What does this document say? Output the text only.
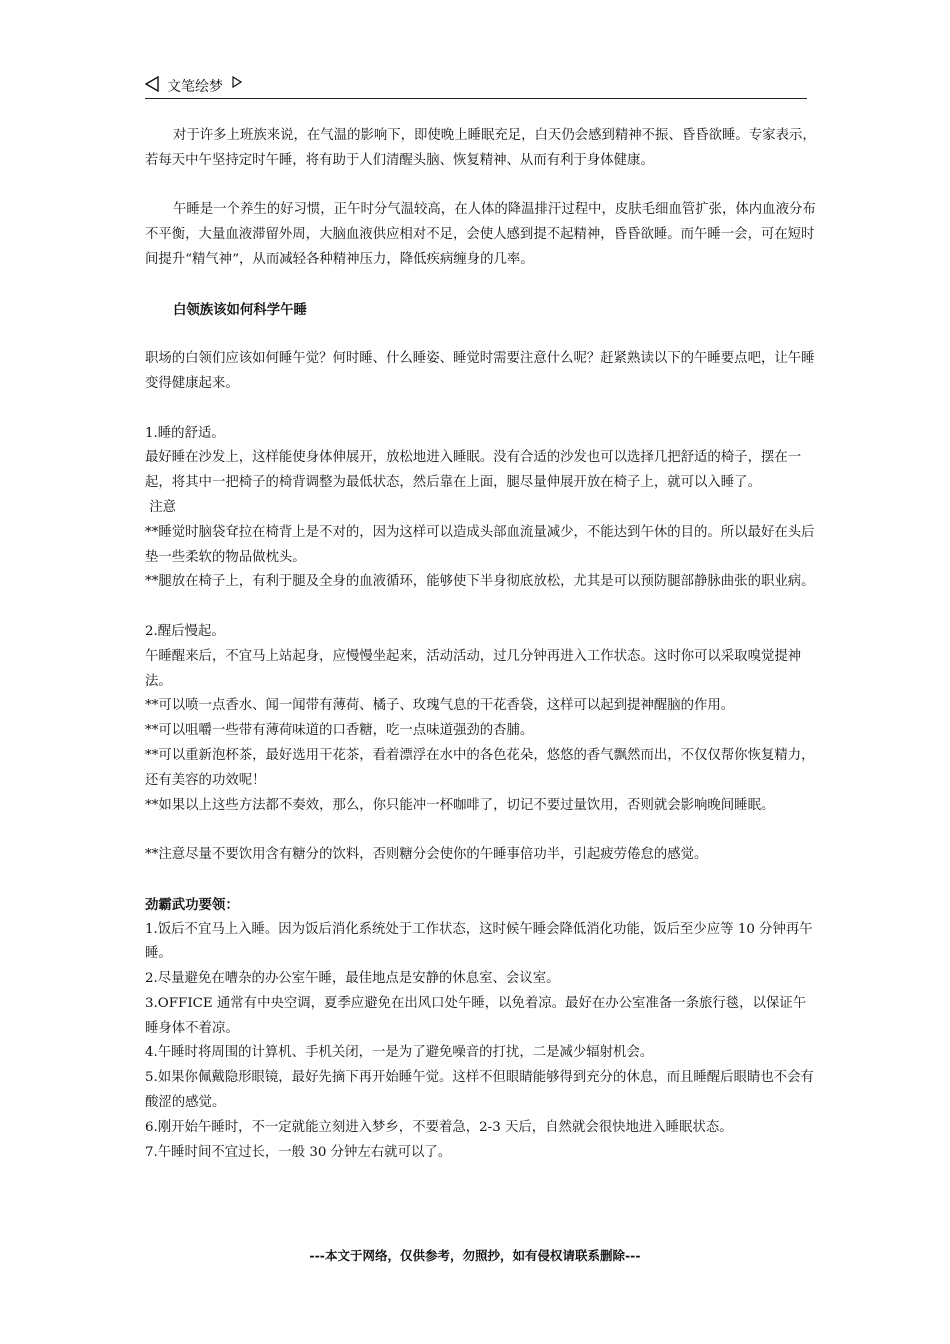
文笔绘梦

对于许多上班族来说，在气温的影响下，即使晚上睡眠充足，白天仍会感到精神不振、昏昏欲睡。专家表示，若每天中午坚持定时午睡，将有助于人们清醒头脑、恢复精神、从而有利于身体健康。

午睡是一个养生的好习惯，正午时分气温较高，在人体的降温排汗过程中，皮肤毛细血管扩张，体内血液分布不平衡，大量血液滞留外周，大脑血液供应相对不足，会使人感到提不起精神，昏昏欲睡。而午睡一会，可在短时间提升“精气神”，从而减轻各种精神压力，降低疾病缠身的几率。

白领族该如何科学午睡

职场的白领们应该如何睡午觉？何时睡、什么睡姿、睡觉时需要注意什么呢？赶紧熟读以下的午睡要点吧，让午睡变得健康起来。

1.睡的舒适。

最好睡在沙发上，这样能使身体伸展开，放松地进入睡眠。没有合适的沙发也可以选择几把舒适的椅子，摆在一起，将其中一把椅子的椅背调整为最低状态，然后靠在上面，腿尽量伸展开放在椅子上，就可以入睡了。

注意

**睡觉时脑袋耷拉在椅背上是不对的，因为这样可以造成头部血流量减少，不能达到午休的目的。所以最好在头后垫一些柔软的物品做枕头。

**腿放在椅子上，有利于腿及全身的血液循环，能够使下半身彻底放松，尤其是可以预防腿部静脉曲张的职业病。

2.醒后慢起。

午睡醒来后，不宜马上站起身，应慢慢坐起来，活动活动，过几分钟再进入工作状态。这时你可以采取嗅觉提神法。

**可以喷一点香水、闻一闻带有薄荷、橘子、玫瑰气息的干花香袋，这样可以起到提神醒脑的作用。

**可以咀嚼一些带有薄荷味道的口香糖，吃一点味道强劲的杏脯。

**可以重新泡杯茶，最好选用干花茶，看着漂浮在水中的各色花朵，悠悠的香气飘然而出，不仅仅帮你恢复精力，还有美容的功效呢！

**如果以上这些方法都不奏效，那么，你只能冲一杯咖啡了，切记不要过量饮用，否则就会影响晚间睡眠。

**注意尽量不要饮用含有糖分的饮料，否则糖分会使你的午睡事倍功半，引起疲劳倦怠的感觉。

劲霸武功要领：

1.饭后不宜马上入睡。因为饭后消化系统处于工作状态，这时候午睡会降低消化功能，饭后至少应等 10 分钟再午睡。

2.尽量避免在嘈杂的办公室午睡，最佳地点是安静的休息室、会议室。

3.OFFICE 通常有中央空调，夏季应避免在出风口处午睡，以免着凉。最好在办公室准备一条旅行毯，以保证午睡身体不着凉。

4.午睡时将周围的计算机、手机关闭，一是为了避免噪音的打扰，二是减少辐射机会。

5.如果你佩戴隐形眼镜，最好先摘下再开始睡午觉。这样不但眼睛能够得到充分的休息，而且睡醒后眼睛也不会有酸涩的感觉。

6.刚开始午睡时，不一定就能立刻进入梦乡，不要着急，2-3 天后，自然就会很快地进入睡眠状态。

7.午睡时间不宜过长，一般 30 分钟左右就可以了。

---本文于网络，仅供参考，勿照抄，如有侵权请联系删除---
